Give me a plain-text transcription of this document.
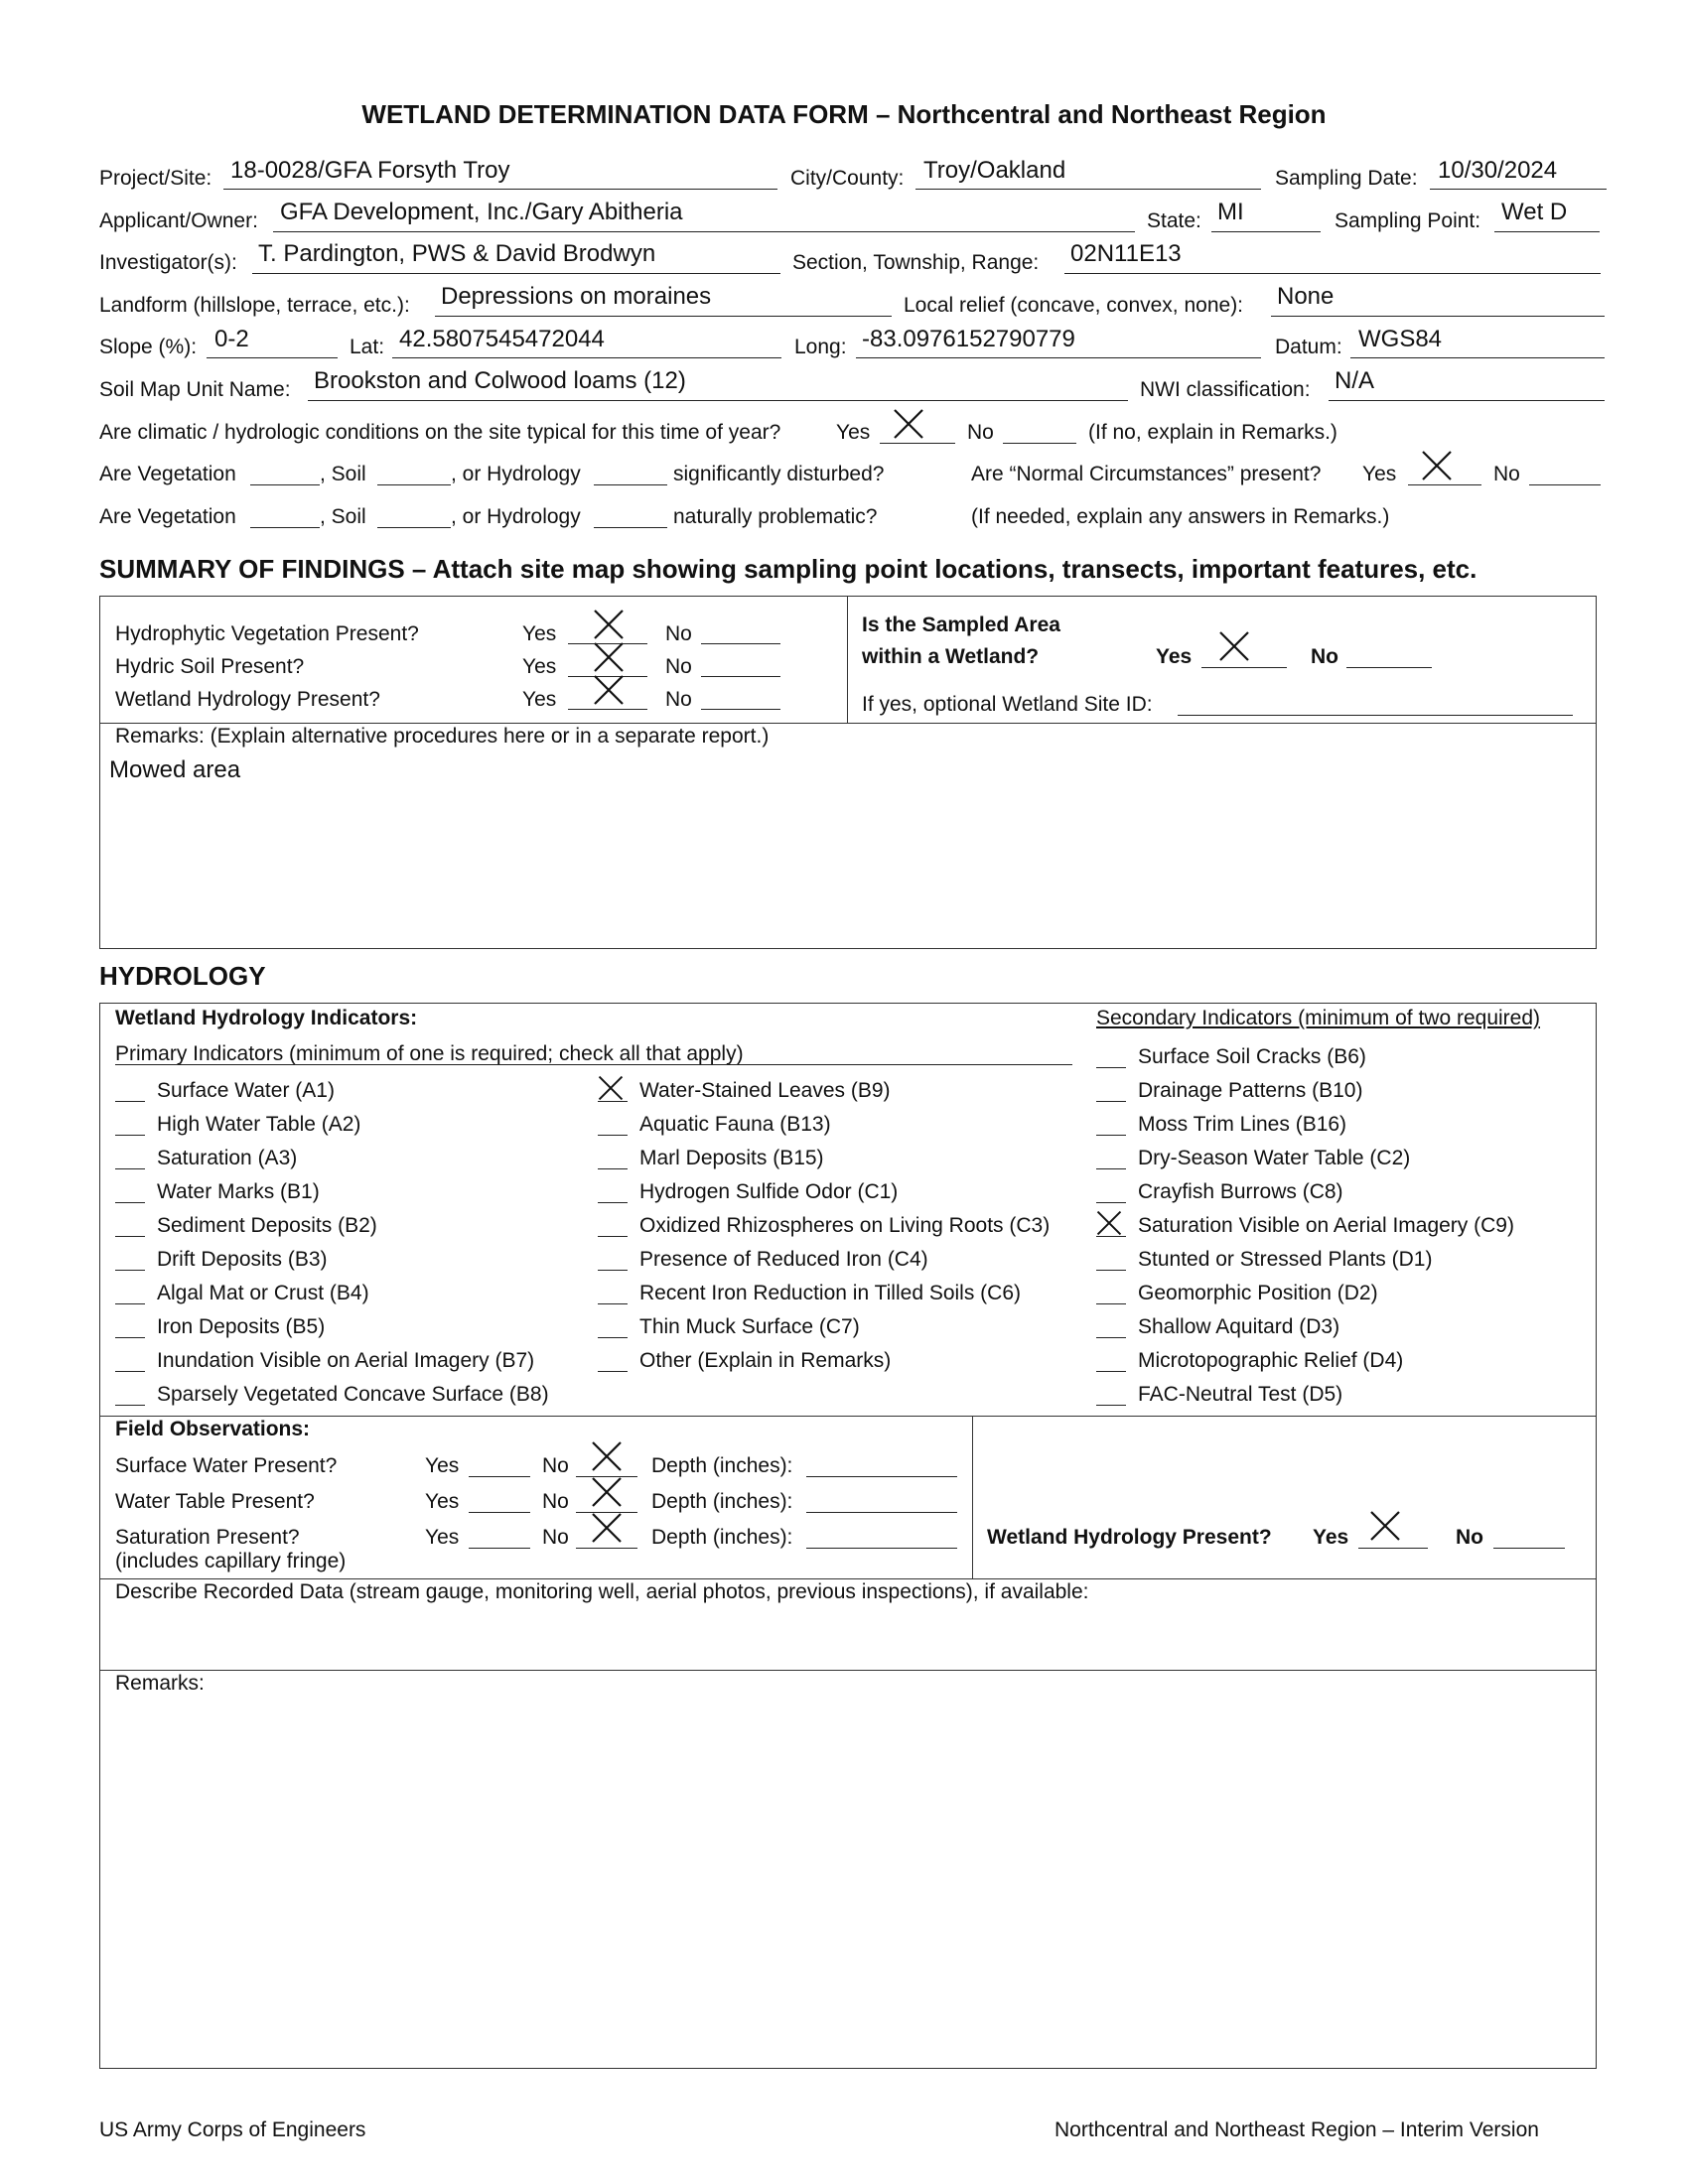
WETLAND DETERMINATION DATA FORM – Northcentral and Northeast Region
Project/Site: 18-0028/GFA Forsyth Troy	City/County: Troy/Oakland	Sampling Date: 10/30/2024
Applicant/Owner: GFA Development, Inc./Gary Abitheria	State: MI	Sampling Point: Wet D
Investigator(s): T. Pardington, PWS & David Brodwyn	Section, Township, Range: 02N11E13
Landform (hillslope, terrace, etc.): Depressions on moraines	Local relief (concave, convex, none): None
Slope (%): 0-2	Lat: 42.5807545472044	Long: -83.0976152790779	Datum: WGS84
Soil Map Unit Name: Brookston and Colwood loams (12)	NWI classification: N/A
Are climatic / hydrologic conditions on the site typical for this time of year?	Yes	No	(If no, explain in Remarks.)
Are Vegetation	, Soil	, or Hydrology	significantly disturbed?	Are “Normal Circumstances” present? Yes	No
Are Vegetation	, Soil	, or Hydrology	naturally problematic?	(If needed, explain any answers in Remarks.)
SUMMARY OF FINDINGS – Attach site map showing sampling point locations, transects, important features, etc.
Hydrophytic Vegetation Present?	Yes	No
Hydric Soil Present?	Yes	No
Wetland Hydrology Present?	Yes	No
Is the Sampled Area
within a Wetland?	Yes	No
If yes, optional Wetland Site ID:
Remarks: (Explain alternative procedures here or in a separate report.)
Mowed area
HYDROLOGY
Wetland Hydrology Indicators:	Secondary Indicators (minimum of two required)
Primary Indicators (minimum of one is required; check all that apply)
Surface Water (A1)
High Water Table (A2)
Saturation (A3)
Water Marks (B1)
Sediment Deposits (B2)
Drift Deposits (B3)
Algal Mat or Crust (B4)
Iron Deposits (B5)
Inundation Visible on Aerial Imagery (B7)
Sparsely Vegetated Concave Surface (B8)
Water-Stained Leaves (B9)
Aquatic Fauna (B13)
Marl Deposits (B15)
Hydrogen Sulfide Odor (C1)
Oxidized Rhizospheres on Living Roots (C3)
Presence of Reduced Iron (C4)
Recent Iron Reduction in Tilled Soils (C6)
Thin Muck Surface (C7)
Other (Explain in Remarks)
Surface Soil Cracks (B6)
Drainage Patterns (B10)
Moss Trim Lines (B16)
Dry-Season Water Table (C2)
Crayfish Burrows (C8)
Saturation Visible on Aerial Imagery (C9)
Stunted or Stressed Plants (D1)
Geomorphic Position (D2)
Shallow Aquitard (D3)
Microtopographic Relief (D4)
FAC-Neutral Test (D5)
Field Observations:
Surface Water Present?	Yes	No	Depth (inches):
Water Table Present?	Yes	No	Depth (inches):
Saturation Present?
(includes capillary fringe)
Yes	No	Depth (inches):	Wetland Hydrology Present? Yes	No
Describe Recorded Data (stream gauge, monitoring well, aerial photos, previous inspections), if available:
Remarks:
US Army Corps of Engineers	Northcentral and Northeast Region – Interim Version
